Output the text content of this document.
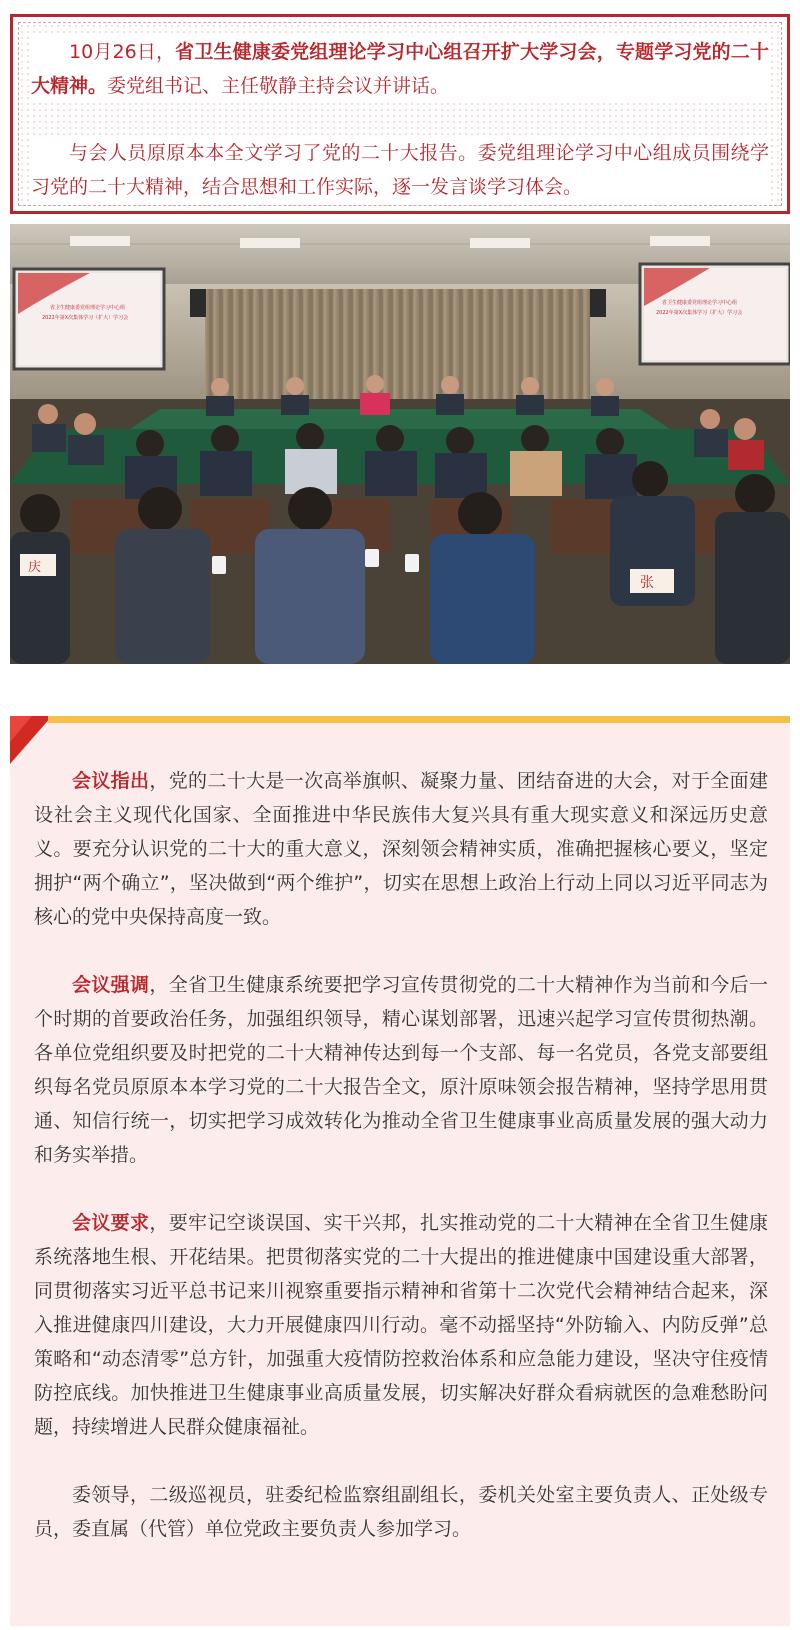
10月26日，省卫生健康委党组理论学习中心组召开扩大学习会，专题学习党的二十大精神。委党组书记、主任敬静主持会议并讲话。

与会人员原原本本全文学习了党的二十大报告。委党组理论学习中心组成员围绕学习党的二十大精神，结合思想和工作实际，逐一发言谈学习体会。

省卫生健康委党组理论学习中心组
2022年第X次集体学习（扩大）学习会
省卫生健康委党组理论学习中心组
2022年第X次集体学习（扩大）学习会
庆
张

会议指出，党的二十大是一次高举旗帜、凝聚力量、团结奋进的大会，对于全面建设社会主义现代化国家、全面推进中华民族伟大复兴具有重大现实意义和深远历史意义。要充分认识党的二十大的重大意义，深刻领会精神实质，准确把握核心要义，坚定拥护“两个确立”，坚决做到“两个维护”，切实在思想上政治上行动上同以习近平同志为核心的党中央保持高度一致。

会议强调，全省卫生健康系统要把学习宣传贯彻党的二十大精神作为当前和今后一个时期的首要政治任务，加强组织领导，精心谋划部署，迅速兴起学习宣传贯彻热潮。各单位党组织要及时把党的二十大精神传达到每一个支部、每一名党员，各党支部要组织每名党员原原本本学习党的二十大报告全文，原汁原味领会报告精神，坚持学思用贯通、知信行统一，切实把学习成效转化为推动全省卫生健康事业高质量发展的强大动力和务实举措。

会议要求，要牢记空谈误国、实干兴邦，扎实推动党的二十大精神在全省卫生健康系统落地生根、开花结果。把贯彻落实党的二十大提出的推进健康中国建设重大部署，同贯彻落实习近平总书记来川视察重要指示精神和省第十二次党代会精神结合起来，深入推进健康四川建设，大力开展健康四川行动。毫不动摇坚持“外防输入、内防反弹”总策略和“动态清零”总方针，加强重大疫情防控救治体系和应急能力建设，坚决守住疫情防控底线。加快推进卫生健康事业高质量发展，切实解决好群众看病就医的急难愁盼问题，持续增进人民群众健康福祉。

委领导，二级巡视员，驻委纪检监察组副组长，委机关处室主要负责人、正处级专员，委直属（代管）单位党政主要负责人参加学习。
